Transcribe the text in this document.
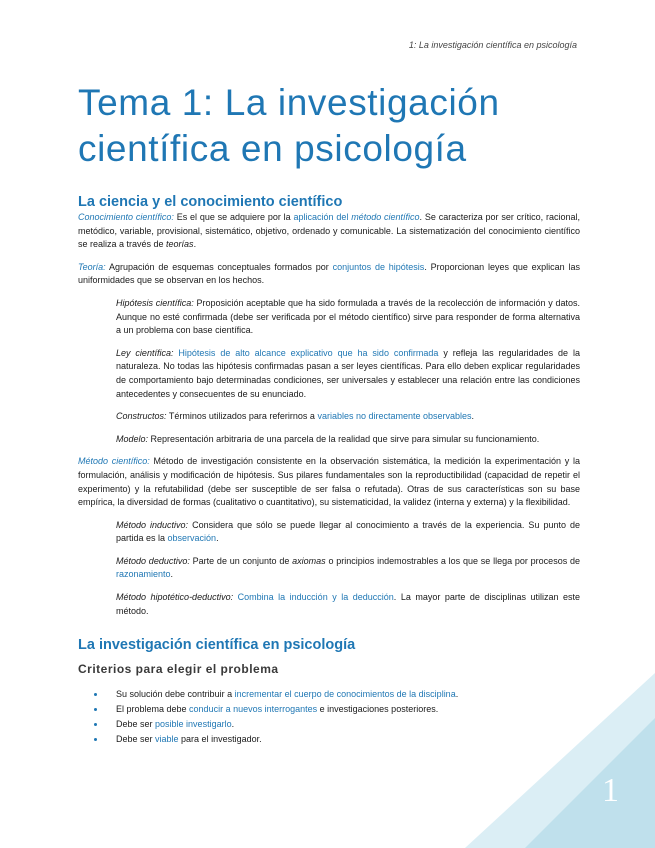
1: La investigación científica en psicología
Tema 1: La investigación científica en psicología
La ciencia y el conocimiento científico

Conocimiento científico: Es el que se adquiere por la aplicación del método científico. Se caracteriza por ser crítico, racional, metódico, variable, provisional, sistemático, objetivo, ordenado y comunicable. La sistematización del conocimiento científico se realiza a través de teorías.

Teoría: Agrupación de esquemas conceptuales formados por conjuntos de hipótesis. Proporcionan leyes que explican las uniformidades que se observan en los hechos.

Hipótesis científica: Proposición aceptable que ha sido formulada a través de la recolección de información y datos. Aunque no esté confirmada (debe ser verificada por el método científico) sirve para responder de forma alternativa a un problema con base científica.

Ley científica: Hipótesis de alto alcance explicativo que ha sido confirmada y refleja las regularidades de la naturaleza. No todas las hipótesis confirmadas pasan a ser leyes científicas. Para ello deben explicar regularidades de comportamiento bajo determinadas condiciones, ser universales y establecer una relación entre las condiciones antecedentes y consecuentes de su enunciado.

Constructos: Términos utilizados para referirnos a variables no directamente observables.

Modelo: Representación arbitraria de una parcela de la realidad que sirve para simular su funcionamiento.

Método científico: Método de investigación consistente en la observación sistemática, la medición la experimentación y la formulación, análisis y modificación de hipótesis. Sus pilares fundamentales son la reproductibilidad (capacidad de repetir el experimento) y la refutabilidad (debe ser susceptible de ser falsa o refutada). Otras de sus características son su base empírica, la diversidad de formas (cualitativo o cuantitativo), su sistematicidad, la validez (interna y externa) y la flexibilidad.

Método inductivo: Considera que sólo se puede llegar al conocimiento a través de la experiencia. Su punto de partida es la observación.

Método deductivo: Parte de un conjunto de axiomas o principios indemostrables a los que se llega por procesos de razonamiento.

Método hipotético-deductivo: Combina la inducción y la deducción. La mayor parte de disciplinas utilizan este método.

La investigación científica en psicología
Criterios para elegir el problema
Su solución debe contribuir a incrementar el cuerpo de conocimientos de la disciplina.
El problema debe conducir a nuevos interrogantes e investigaciones posteriores.
Debe ser posible investigarlo.
Debe ser viable para el investigador.
1
